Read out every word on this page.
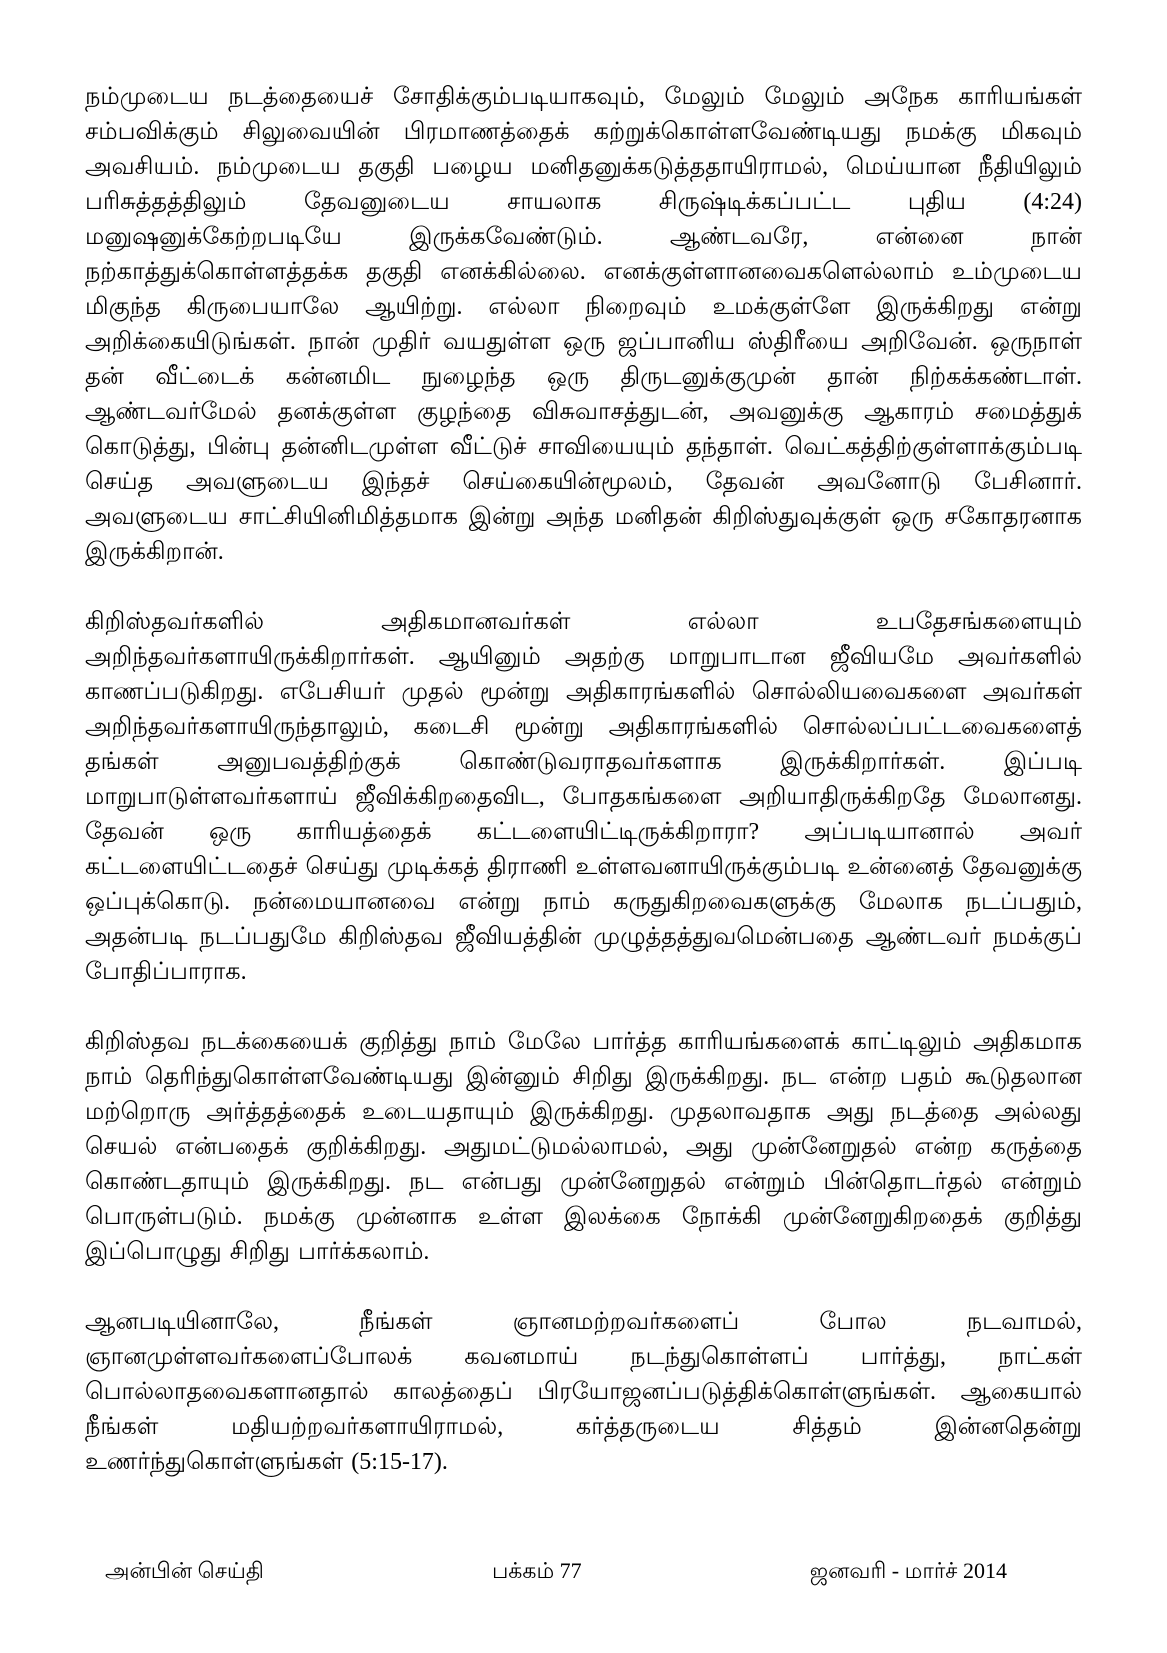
நம்முடைய நடத்தையைச் சோதிக்கும்படியாகவும், மேலும் மேலும் அநேக காரியங்கள் சம்பவிக்கும் சிலுவையின் பிரமாணத்தைக் கற்றுக்கொள்ளவேண்டியது நமக்கு மிகவும் அவசியம். நம்முடைய தகுதி பழைய மனிதனுக்கடுத்ததாயிராமல், மெய்யான நீதியிலும் பரிசுத்தத்திலும் தேவனுடைய சாயலாக சிருஷ்டிக்கப்பட்ட புதிய (4:24) மனுஷனுக்கேற்றபடியே இருக்கவேண்டும். ஆண்டவரே, என்னை நான் நற்காத்துக்கொள்ளத்தக்க தகுதி எனக்கில்லை. எனக்குள்ளானவைகளெல்லாம் உம்முடைய மிகுந்த கிருபையாலே ஆயிற்று. எல்லா நிறைவும் உமக்குள்ளே இருக்கிறது என்று அறிக்கையிடுங்கள். நான் முதிர் வயதுள்ள ஒரு ஜப்பானிய ஸ்திரீயை அறிவேன். ஒருநாள் தன் வீட்டைக் கன்னமிட நுழைந்த ஒரு திருடனுக்குமுன் தான் நிற்கக்கண்டாள். ஆண்டவர்மேல் தனக்குள்ள குழந்தை விசுவாசத்துடன், அவனுக்கு ஆகாரம் சமைத்துக் கொடுத்து, பின்பு தன்னிடமுள்ள வீட்டுச் சாவியையும் தந்தாள். வெட்கத்திற்குள்ளாக்கும்படி செய்த அவளுடைய இந்தச் செய்கையின்மூலம், தேவன் அவனோடு பேசினார். அவளுடைய சாட்சியினிமித்தமாக இன்று அந்த மனிதன் கிறிஸ்துவுக்குள் ஒரு சகோதரனாக இருக்கிறான்.

கிறிஸ்தவர்களில் அதிகமானவர்கள் எல்லா உபதேசங்களையும் அறிந்தவர்களாயிருக்கிறார்கள். ஆயினும் அதற்கு மாறுபாடான ஜீவியமே அவர்களில் காணப்படுகிறது. எபேசியர் முதல் மூன்று அதிகாரங்களில் சொல்லியவைகளை அவர்கள் அறிந்தவர்களாயிருந்தாலும், கடைசி மூன்று அதிகாரங்களில் சொல்லப்பட்டவைகளைத் தங்கள் அனுபவத்திற்குக் கொண்டுவராதவர்களாக இருக்கிறார்கள். இப்படி மாறுபாடுள்ளவர்களாய் ஜீவிக்கிறதைவிட, போதகங்களை அறியாதிருக்கிறதே மேலானது. தேவன் ஒரு காரியத்தைக் கட்டளையிட்டிருக்கிறாரா? அப்படியானால் அவர் கட்டளையிட்டதைச் செய்து முடிக்கத் திராணி உள்ளவனாயிருக்கும்படி உன்னைத் தேவனுக்கு ஒப்புக்கொடு. நன்மையானவை என்று நாம் கருதுகிறவைகளுக்கு மேலாக நடப்பதும், அதன்படி நடப்பதுமே கிறிஸ்தவ ஜீவியத்தின் முழுத்தத்துவமென்பதை ஆண்டவர் நமக்குப் போதிப்பாராக.

கிறிஸ்தவ நடக்கையைக் குறித்து நாம் மேலே பார்த்த காரியங்களைக் காட்டிலும் அதிகமாக நாம் தெரிந்துகொள்ளவேண்டியது இன்னும் சிறிது இருக்கிறது. நட என்ற பதம் கூடுதலான மற்றொரு அர்த்தத்தைக் உடையதாயும் இருக்கிறது. முதலாவதாக அது நடத்தை அல்லது செயல் என்பதைக் குறிக்கிறது. அதுமட்டுமல்லாமல், அது முன்னேறுதல் என்ற கருத்தை கொண்டதாயும் இருக்கிறது. நட என்பது முன்னேறுதல் என்றும் பின்தொடர்தல் என்றும் பொருள்படும். நமக்கு முன்னாக உள்ள இலக்கை நோக்கி முன்னேறுகிறதைக் குறித்து இப்பொழுது சிறிது பார்க்கலாம்.

ஆனபடியினாலே, நீங்கள் ஞானமற்றவர்களைப் போல நடவாமல், ஞானமுள்ளவர்களைப்போலக் கவனமாய் நடந்துகொள்ளப் பார்த்து, நாட்கள் பொல்லாதவைகளானதால் காலத்தைப் பிரயோஜனப்படுத்திக்கொள்ளுங்கள். ஆகையால் நீங்கள் மதியற்றவர்களாயிராமல், கர்த்தருடைய சித்தம் இன்னதென்று உணர்ந்துகொள்ளுங்கள் (5:15-17).

அன்பின் செய்தி	பக்கம் 77	ஜனவரி - மார்ச் 2014
